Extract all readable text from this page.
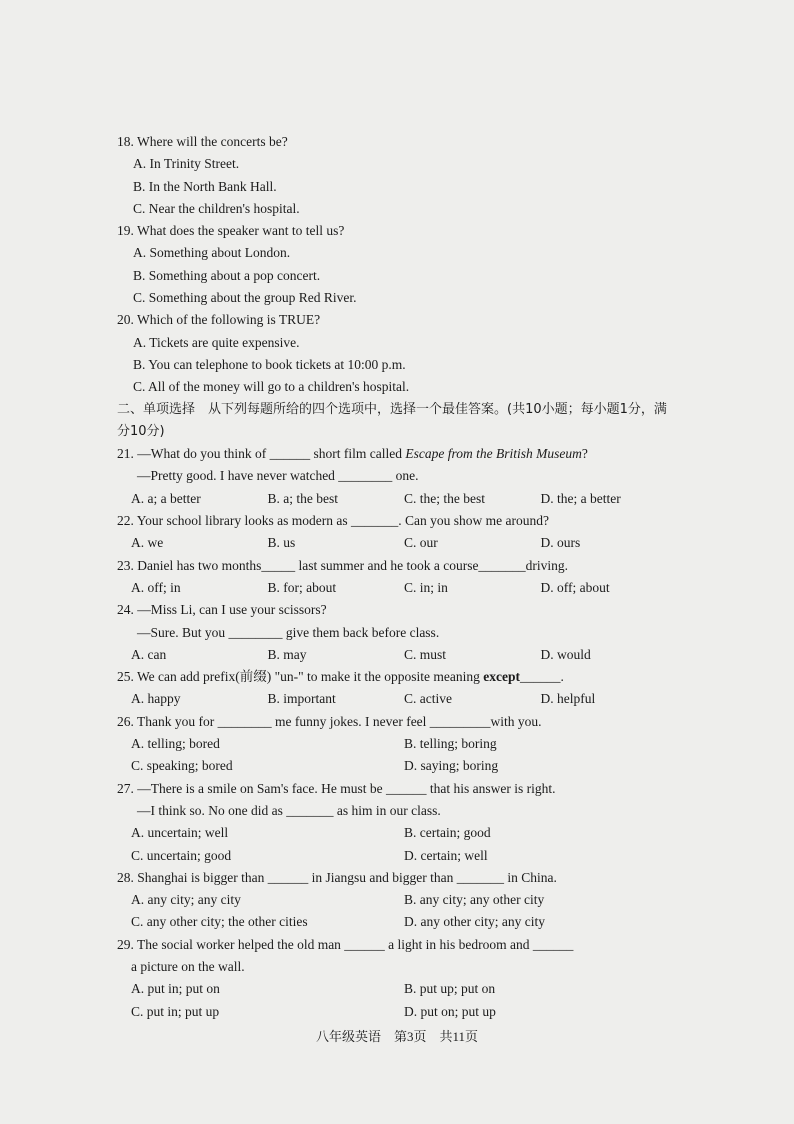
18. Where will the concerts be?
A. In Trinity Street.
B. In the North Bank Hall.
C. Near the children's hospital.
19. What does the speaker want to tell us?
A. Something about London.
B. Something about a pop concert.
C. Something about the group Red River.
20. Which of the following is TRUE?
A. Tickets are quite expensive.
B. You can telephone to book tickets at 10:00 p.m.
C. All of the money will go to a children's hospital.
二、单项选择　从下列每题所给的四个选项中，选择一个最佳答案。(共10小题；每小题1分，满分10分)
21. —What do you think of ______ short film called Escape from the British Museum?
—Pretty good. I have never watched ________ one.
A. a; a better	B. a; the best	C. the; the best	D. the; a better
22. Your school library looks as modern as _______. Can you show me around?
A. we	B. us	C. our	D. ours
23. Daniel has two months_____ last summer and he took a course_______driving.
A. off; in	B. for; about	C. in; in	D. off; about
24. —Miss Li, can I use your scissors?
—Sure. But you ________ give them back before class.
A. can	B. may	C. must	D. would
25. We can add prefix(前缀) "un-" to make it the opposite meaning except______.
A. happy	B. important	C. active	D. helpful
26. Thank you for ________ me funny jokes. I never feel _________with you.
A. telling; bored	B. telling; boring
C. speaking; bored	D. saying; boring
27. —There is a smile on Sam's face. He must be ______ that his answer is right.
—I think so. No one did as _______ as him in our class.
A. uncertain; well	B. certain; good
C. uncertain; good	D. certain; well
28. Shanghai is bigger than ______ in Jiangsu and bigger than _______ in China.
A. any city; any city	B. any city; any other city
C. any other city; the other cities	D. any other city; any city
29. The social worker helped the old man ______ a light in his bedroom and ______
a picture on the wall.
A. put in; put on	B. put up; put on
C. put in; put up	D. put on; put up
八年级英语　第3页　共11页
